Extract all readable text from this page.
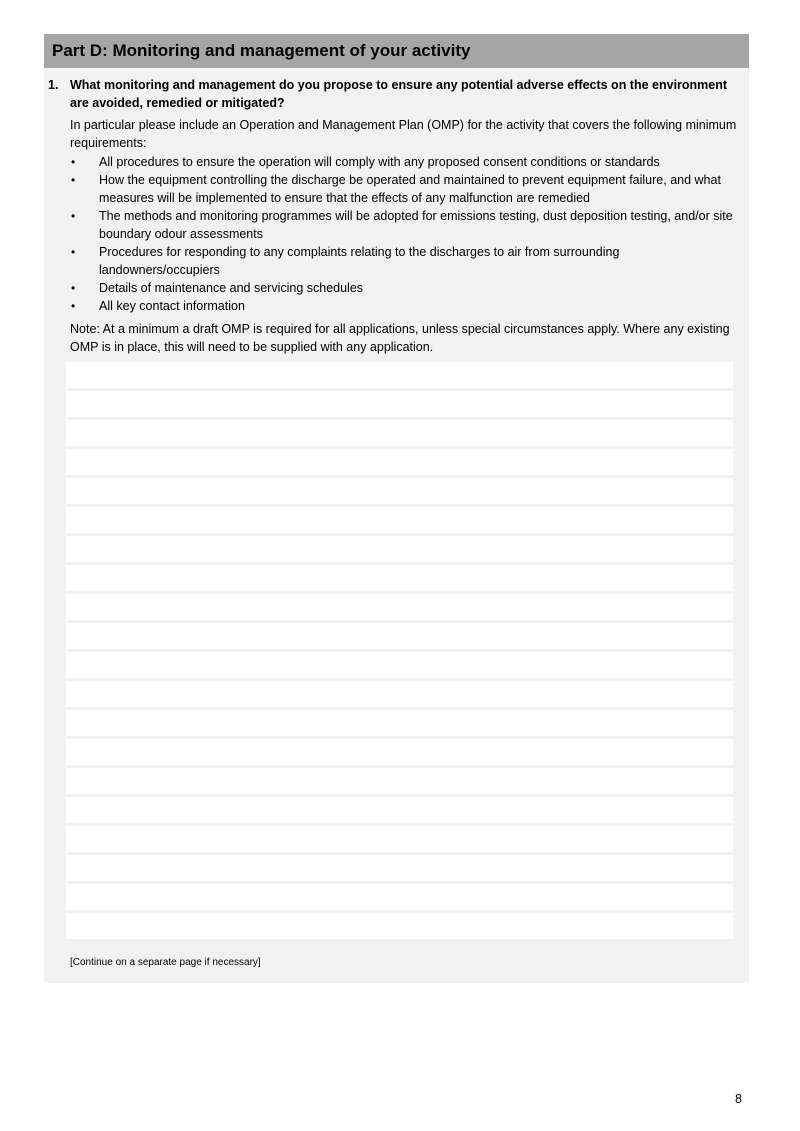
Part D: Monitoring and management of your activity
1. What monitoring and management do you propose to ensure any potential adverse effects on the environment are avoided, remedied or mitigated?
In particular please include an Operation and Management Plan (OMP) for the activity that covers the following minimum requirements:
•	All procedures to ensure the operation will comply with any proposed consent conditions or standards
•	How the equipment controlling the discharge be operated and maintained to prevent equipment failure, and what measures will be implemented to ensure that the effects of any malfunction are remedied
•	The methods and monitoring programmes will be adopted for emissions testing, dust deposition testing, and/or site boundary odour assessments
•	Procedures for responding to any complaints relating to the discharges to air from surrounding landowners/occupiers
•	Details of maintenance and servicing schedules
•	All key contact information
Note: At a minimum a draft OMP is required for all applications, unless special circumstances apply. Where any existing OMP is in place, this will need to be supplied with any application.
[Continue on a separate page if necessary]
8
